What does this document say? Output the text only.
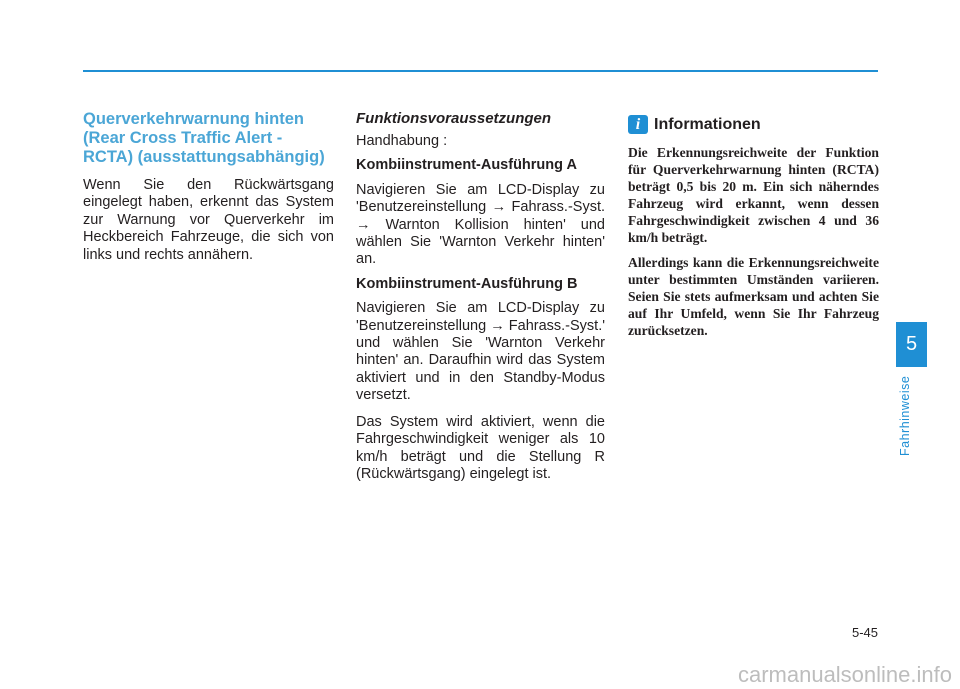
Querverkehrwarnung hinten (Rear Cross Traffic Alert - RCTA) (ausstattungsabhängig)

Wenn Sie den Rückwärtsgang eingelegt haben, erkennt das System zur Warnung vor Querverkehr im Heckbereich Fahrzeuge, die sich von links und rechts annähern.

Funktionsvoraussetzungen

Handhabung :

Kombiinstrument-Ausführung A

Navigieren Sie am LCD-Display zu 'Benutzereinstellung → Fahrass.-Syst. → Warnton Kollision hinten' und wählen Sie 'Warnton Verkehr hinten' an.

Kombiinstrument-Ausführung B

Navigieren Sie am LCD-Display zu 'Benutzereinstellung → Fahrass.-Syst.' und wählen Sie 'Warnton Verkehr hinten' an. Daraufhin wird das System aktiviert und in den Standby-Modus versetzt.

Das System wird aktiviert, wenn die Fahrgeschwindigkeit weniger als 10 km/h beträgt und die Stellung R (Rückwärtsgang) eingelegt ist.

i Informationen

Die Erkennungsreichweite der Funktion für Querverkehrwarnung hinten (RCTA) beträgt 0,5 bis 20 m. Ein sich näherndes Fahrzeug wird erkannt, wenn dessen Fahrgeschwindigkeit zwischen 4 und 36 km/h beträgt.

Allerdings kann die Erkennungsreichweite unter bestimmten Umständen variieren. Seien Sie stets aufmerksam und achten Sie auf Ihr Umfeld, wenn Sie Ihr Fahrzeug zurücksetzen.

5
Fahrhinweise
5-45
carmanualsonline.info
